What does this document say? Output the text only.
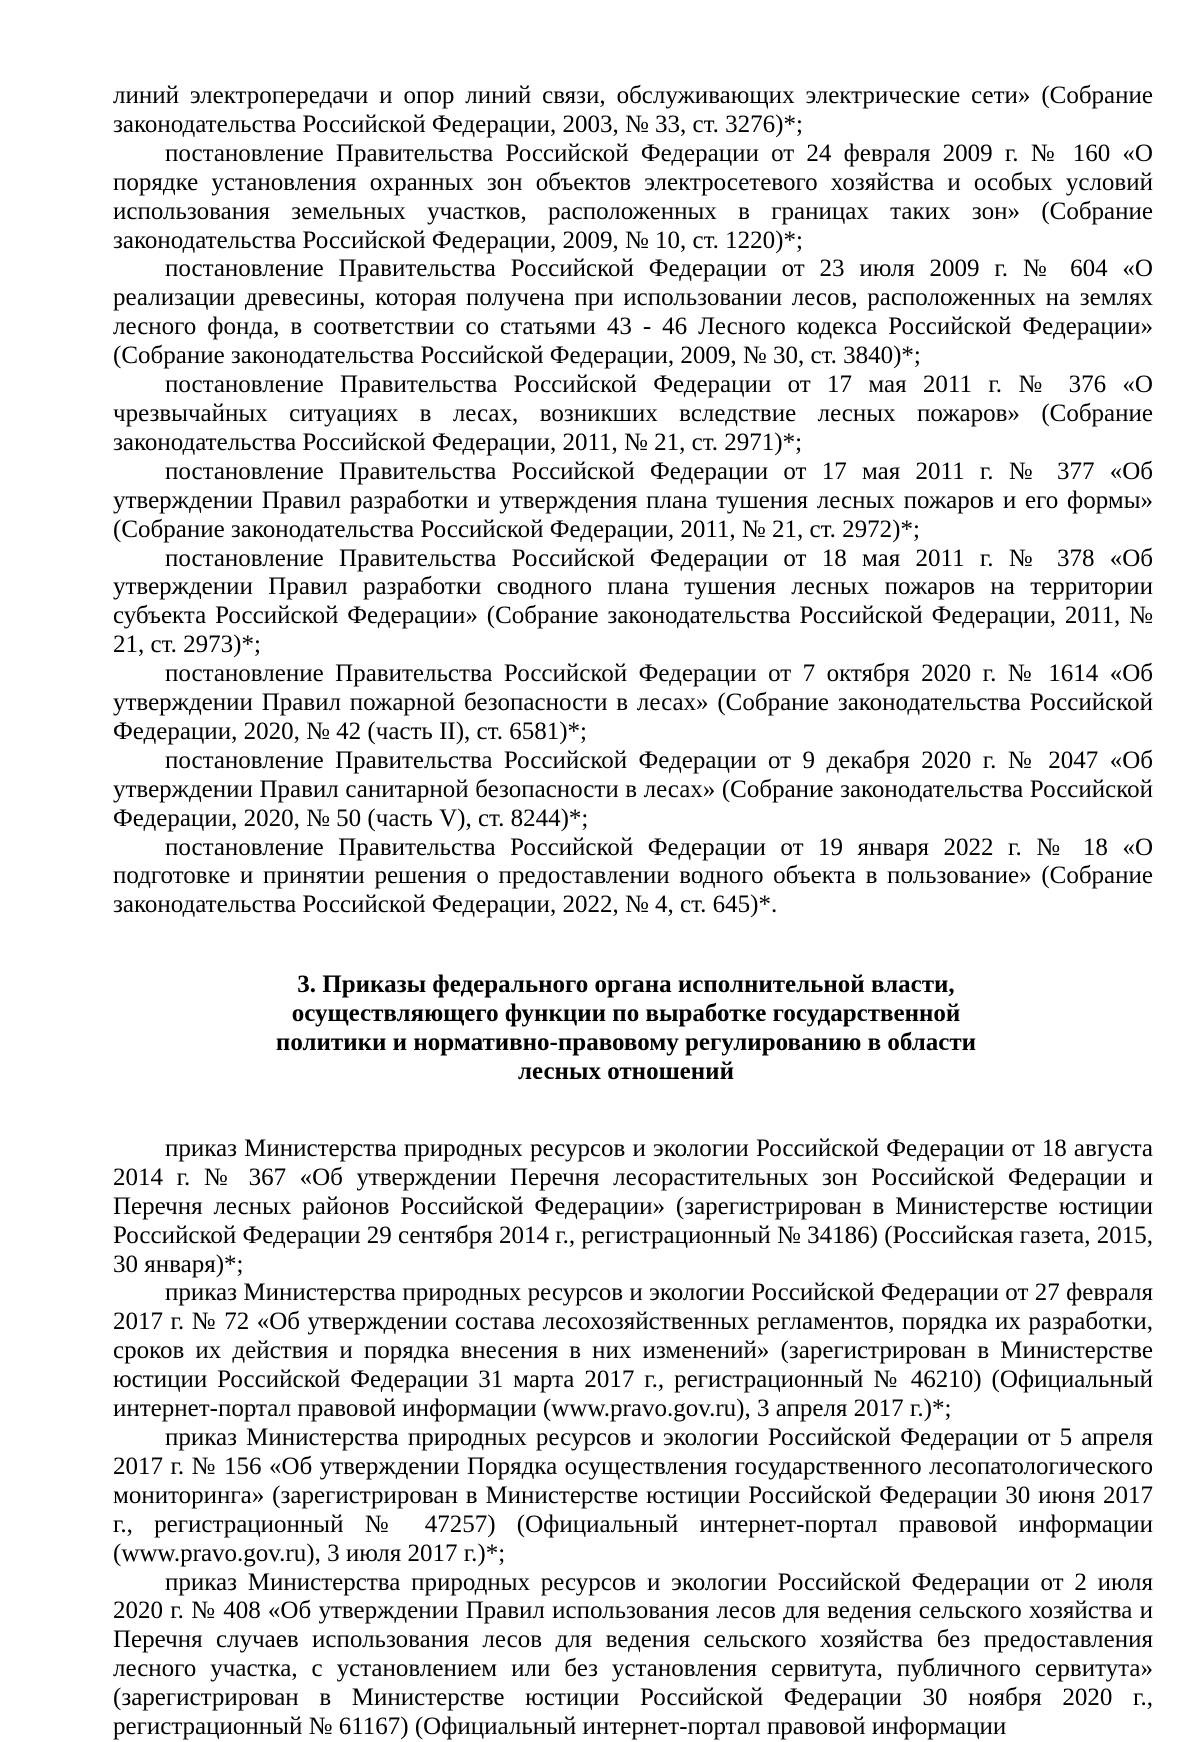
линий электропередачи и опор линий связи, обслуживающих электрические сети» (Собрание законодательства Российской Федерации, 2003, № 33, ст. 3276)*;

постановление Правительства Российской Федерации от 24 февраля 2009 г. № 160 «О порядке установления охранных зон объектов электросетевого хозяйства и особых условий использования земельных участков, расположенных в границах таких зон» (Собрание законодательства Российской Федерации, 2009, № 10, ст. 1220)*;

постановление Правительства Российской Федерации от 23 июля 2009 г. № 604 «О реализации древесины, которая получена при использовании лесов, расположенных на землях лесного фонда, в соответствии со статьями 43 - 46 Лесного кодекса Российской Федерации» (Собрание законодательства Российской Федерации, 2009, № 30, ст. 3840)*;

постановление Правительства Российской Федерации от 17 мая 2011 г. № 376 «О чрезвычайных ситуациях в лесах, возникших вследствие лесных пожаров» (Собрание законодательства Российской Федерации, 2011, № 21, ст. 2971)*;

постановление Правительства Российской Федерации от 17 мая 2011 г. № 377 «Об утверждении Правил разработки и утверждения плана тушения лесных пожаров и его формы» (Собрание законодательства Российской Федерации, 2011, № 21, ст. 2972)*;

постановление Правительства Российской Федерации от 18 мая 2011 г. № 378 «Об утверждении Правил разработки сводного плана тушения лесных пожаров на территории субъекта Российской Федерации» (Собрание законодательства Российской Федерации, 2011, № 21, ст. 2973)*;

постановление Правительства Российской Федерации от 7 октября 2020 г. № 1614 «Об утверждении Правил пожарной безопасности в лесах» (Собрание законодательства Российской Федерации, 2020, № 42 (часть II), ст. 6581)*;

постановление Правительства Российской Федерации от 9 декабря 2020 г. № 2047 «Об утверждении Правил санитарной безопасности в лесах» (Собрание законодательства Российской Федерации, 2020, № 50 (часть V), ст. 8244)*;

постановление Правительства Российской Федерации от 19 января 2022 г. № 18 «О подготовке и принятии решения о предоставлении водного объекта в пользование» (Собрание законодательства Российской Федерации, 2022, № 4, ст. 645)*.

3. Приказы федерального органа исполнительной власти,
осуществляющего функции по выработке государственной
политики и нормативно-правовому регулированию в области
лесных отношений

приказ Министерства природных ресурсов и экологии Российской Федерации от 18 августа 2014 г. № 367 «Об утверждении Перечня лесорастительных зон Российской Федерации и Перечня лесных районов Российской Федерации» (зарегистрирован в Министерстве юстиции Российской Федерации 29 сентября 2014 г., регистрационный № 34186) (Российская газета, 2015, 30 января)*;

приказ Министерства природных ресурсов и экологии Российской Федерации от 27 февраля 2017 г. № 72 «Об утверждении состава лесохозяйственных регламентов, порядка их разработки, сроков их действия и порядка внесения в них изменений» (зарегистрирован в Министерстве юстиции Российской Федерации 31 марта 2017 г., регистрационный № 46210) (Официальный интернет-портал правовой информации (www.pravo.gov.ru), 3 апреля 2017 г.)*;

приказ Министерства природных ресурсов и экологии Российской Федерации от 5 апреля 2017 г. № 156 «Об утверждении Порядка осуществления государственного лесопатологического мониторинга» (зарегистрирован в Министерстве юстиции Российской Федерации 30 июня 2017 г., регистрационный № 47257) (Официальный интернет-портал правовой информации (www.pravo.gov.ru), 3 июля 2017 г.)*;

приказ Министерства природных ресурсов и экологии Российской Федерации от 2 июля 2020 г. № 408 «Об утверждении Правил использования лесов для ведения сельского хозяйства и Перечня случаев использования лесов для ведения сельского хозяйства без предоставления лесного участка, с установлением или без установления сервитута, публичного сервитута» (зарегистрирован в Министерстве юстиции Российской Федерации 30 ноября 2020 г., регистрационный № 61167) (Официальный интернет-портал правовой информации
